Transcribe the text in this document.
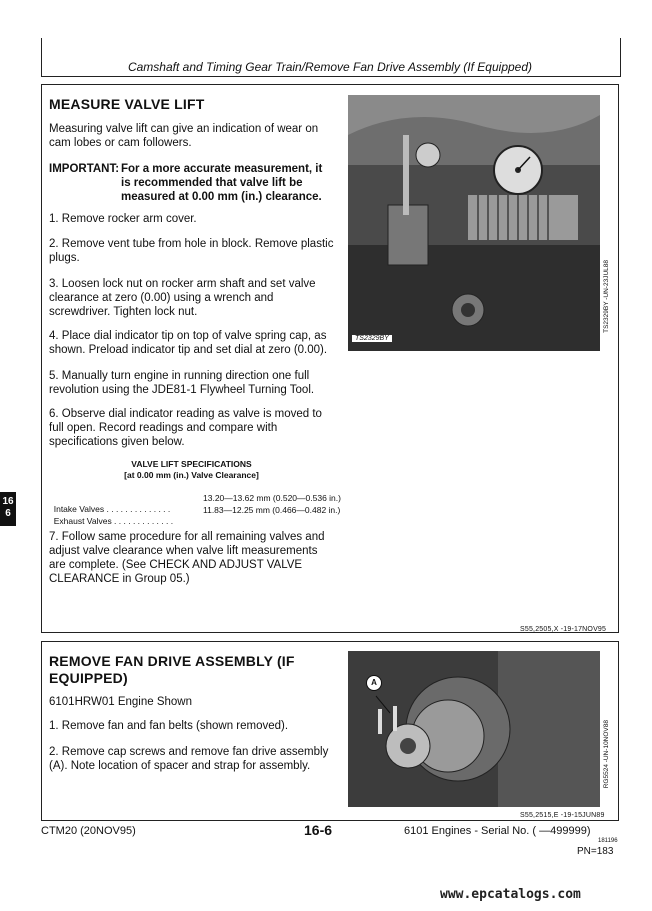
Camshaft and Timing Gear Train/Remove Fan Drive Assembly (If Equipped)
16
6
MEASURE VALVE LIFT
Measuring valve lift can give an indication of wear on cam lobes or cam followers.
IMPORTANT: For a more accurate measurement, it is recommended that valve lift be measured at 0.00 mm (in.) clearance.
1. Remove rocker arm cover.
2. Remove vent tube from hole in block. Remove plastic plugs.
3. Loosen lock nut on rocker arm shaft and set valve clearance at zero (0.00) using a wrench and screwdriver. Tighten lock nut.
4. Place dial indicator tip on top of valve spring cap, as shown. Preload indicator tip and set dial at zero (0.00).
5. Manually turn engine in running direction one full revolution using the JDE81-1 Flywheel Turning Tool.
6. Observe dial indicator reading as valve is moved to full open. Record readings and compare with specifications given below.
VALVE LIFT SPECIFICATIONS
[at 0.00 mm (in.) Valve Clearance]

Intake Valves . . . . . . . . . . . . . .

13.20—13.62 mm (0.520—0.536 in.)

Exhaust Valves . . . . . . . . . . . . .

11.83—12.25 mm (0.466—0.482 in.)

7. Follow same procedure for all remaining valves and adjust valve clearance when valve lift measurements are complete. (See CHECK AND ADJUST VALVE CLEARANCE in Group 05.)
TS2329BY
TS2329BY -UN-23JUL88
S55,2505,X -19-17NOV95
REMOVE FAN DRIVE ASSEMBLY (IF EQUIPPED)
6101HRW01 Engine Shown
1. Remove fan and fan belts (shown removed).
2. Remove cap screws and remove fan drive assembly (A). Note location of spacer and strap for assembly.
A
RG5524 -UN-10NOV88
S55,2515,E -19-15JUN89
CTM20 (20NOV95)	16-6	6101 Engines - Serial No. ( —499999)
181196
PN=183
www.epcatalogs.com
